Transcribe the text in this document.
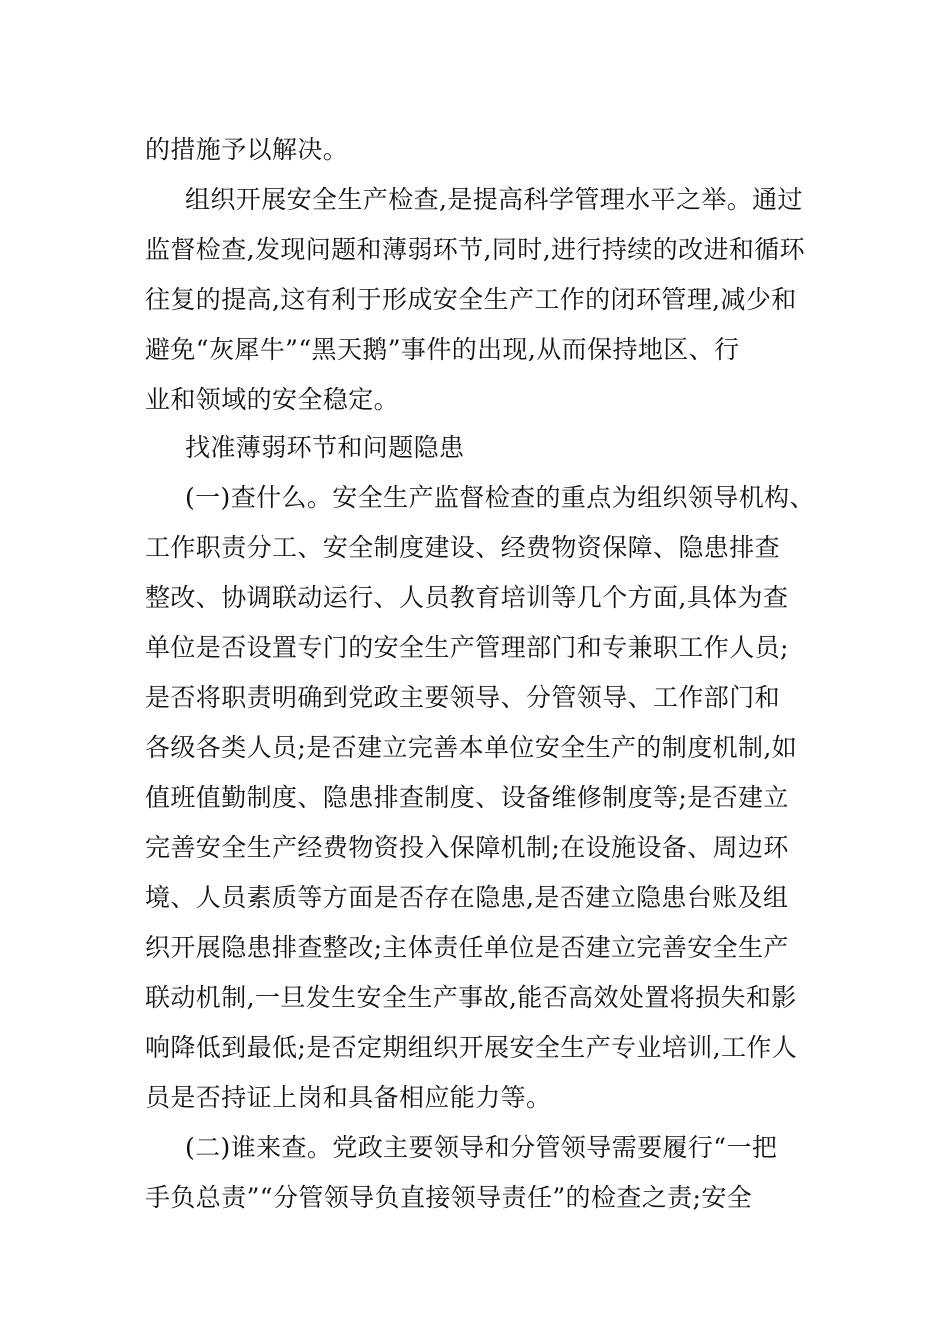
的措施予以解决。
组织开展安全生产检查,是提高科学管理水平之举。通过
监督检查,发现问题和薄弱环节,同时,进行持续的改进和循环
往复的提高,这有利于形成安全生产工作的闭环管理,减少和
避免“灰犀牛”“黑天鹅”事件的出现,从而保持地区、行
业和领域的安全稳定。
找准薄弱环节和问题隐患
(一)查什么。安全生产监督检查的重点为组织领导机构、
工作职责分工、安全制度建设、经费物资保障、隐患排查
整改、协调联动运行、人员教育培训等几个方面,具体为查
单位是否设置专门的安全生产管理部门和专兼职工作人员;
是否将职责明确到党政主要领导、分管领导、工作部门和
各级各类人员;是否建立完善本单位安全生产的制度机制,如
值班值勤制度、隐患排查制度、设备维修制度等;是否建立
完善安全生产经费物资投入保障机制;在设施设备、周边环
境、人员素质等方面是否存在隐患,是否建立隐患台账及组
织开展隐患排查整改;主体责任单位是否建立完善安全生产
联动机制,一旦发生安全生产事故,能否高效处置将损失和影
响降低到最低;是否定期组织开展安全生产专业培训,工作人
员是否持证上岗和具备相应能力等。
(二)谁来查。党政主要领导和分管领导需要履行“一把
手负总责”“分管领导负直接领导责任”的检查之责;安全
